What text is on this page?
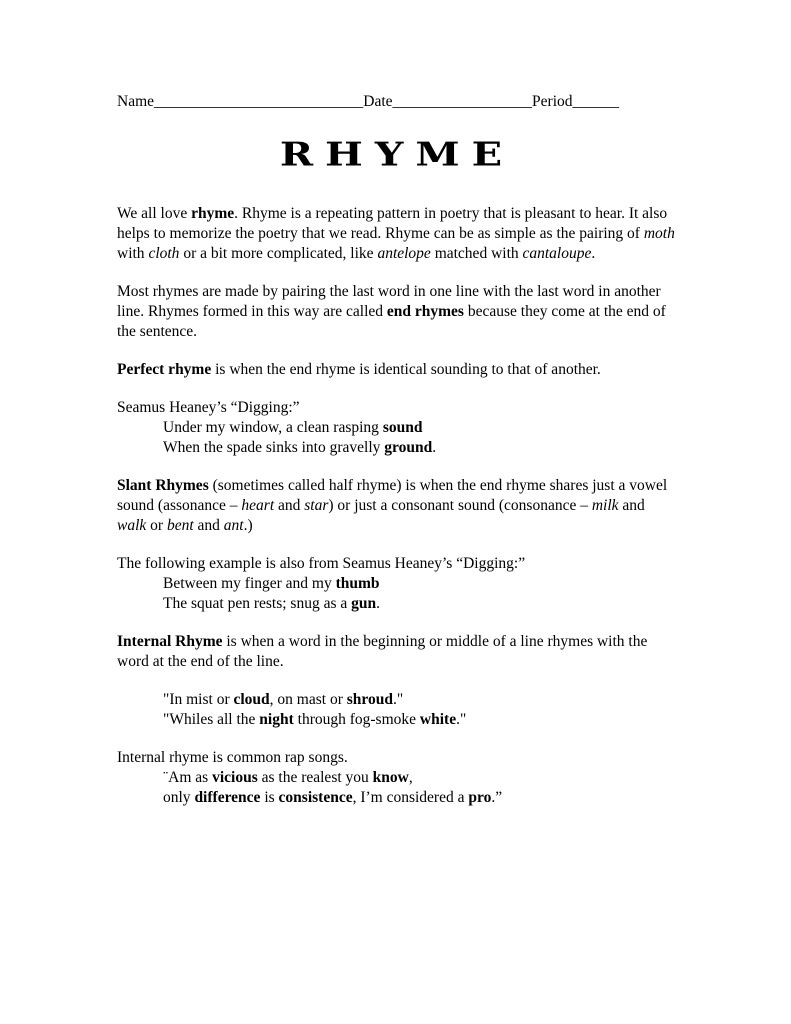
Name ___________________________ Date __________________ Period ______
RHYME

We all love rhyme. Rhyme is a repeating pattern in poetry that is pleasant to hear. It also helps to memorize the poetry that we read. Rhyme can be as simple as the pairing of moth with cloth or a bit more complicated, like antelope matched with cantaloupe.

Most rhymes are made by pairing the last word in one line with the last word in another line. Rhymes formed in this way are called end rhymes because they come at the end of the sentence.

Perfect rhyme is when the end rhyme is identical sounding to that of another.

Seamus Heaney’s “Digging:”
Under my window, a clean rasping sound
When the spade sinks into gravelly ground.

Slant Rhymes (sometimes called half rhyme) is when the end rhyme shares just a vowel sound (assonance – heart and star) or just a consonant sound (consonance – milk and walk or bent and ant.)

The following example is also from Seamus Heaney’s “Digging:”
Between my finger and my thumb
The squat pen rests; snug as a gun.

Internal Rhyme is when a word in the beginning or middle of a line rhymes with the word at the end of the line.

"In mist or cloud, on mast or shroud."
"Whiles all the night through fog-smoke white."
Internal rhyme is common rap songs.
¨Am as vicious as the realest you know,
only difference is consistence, I’m considered a pro.”
